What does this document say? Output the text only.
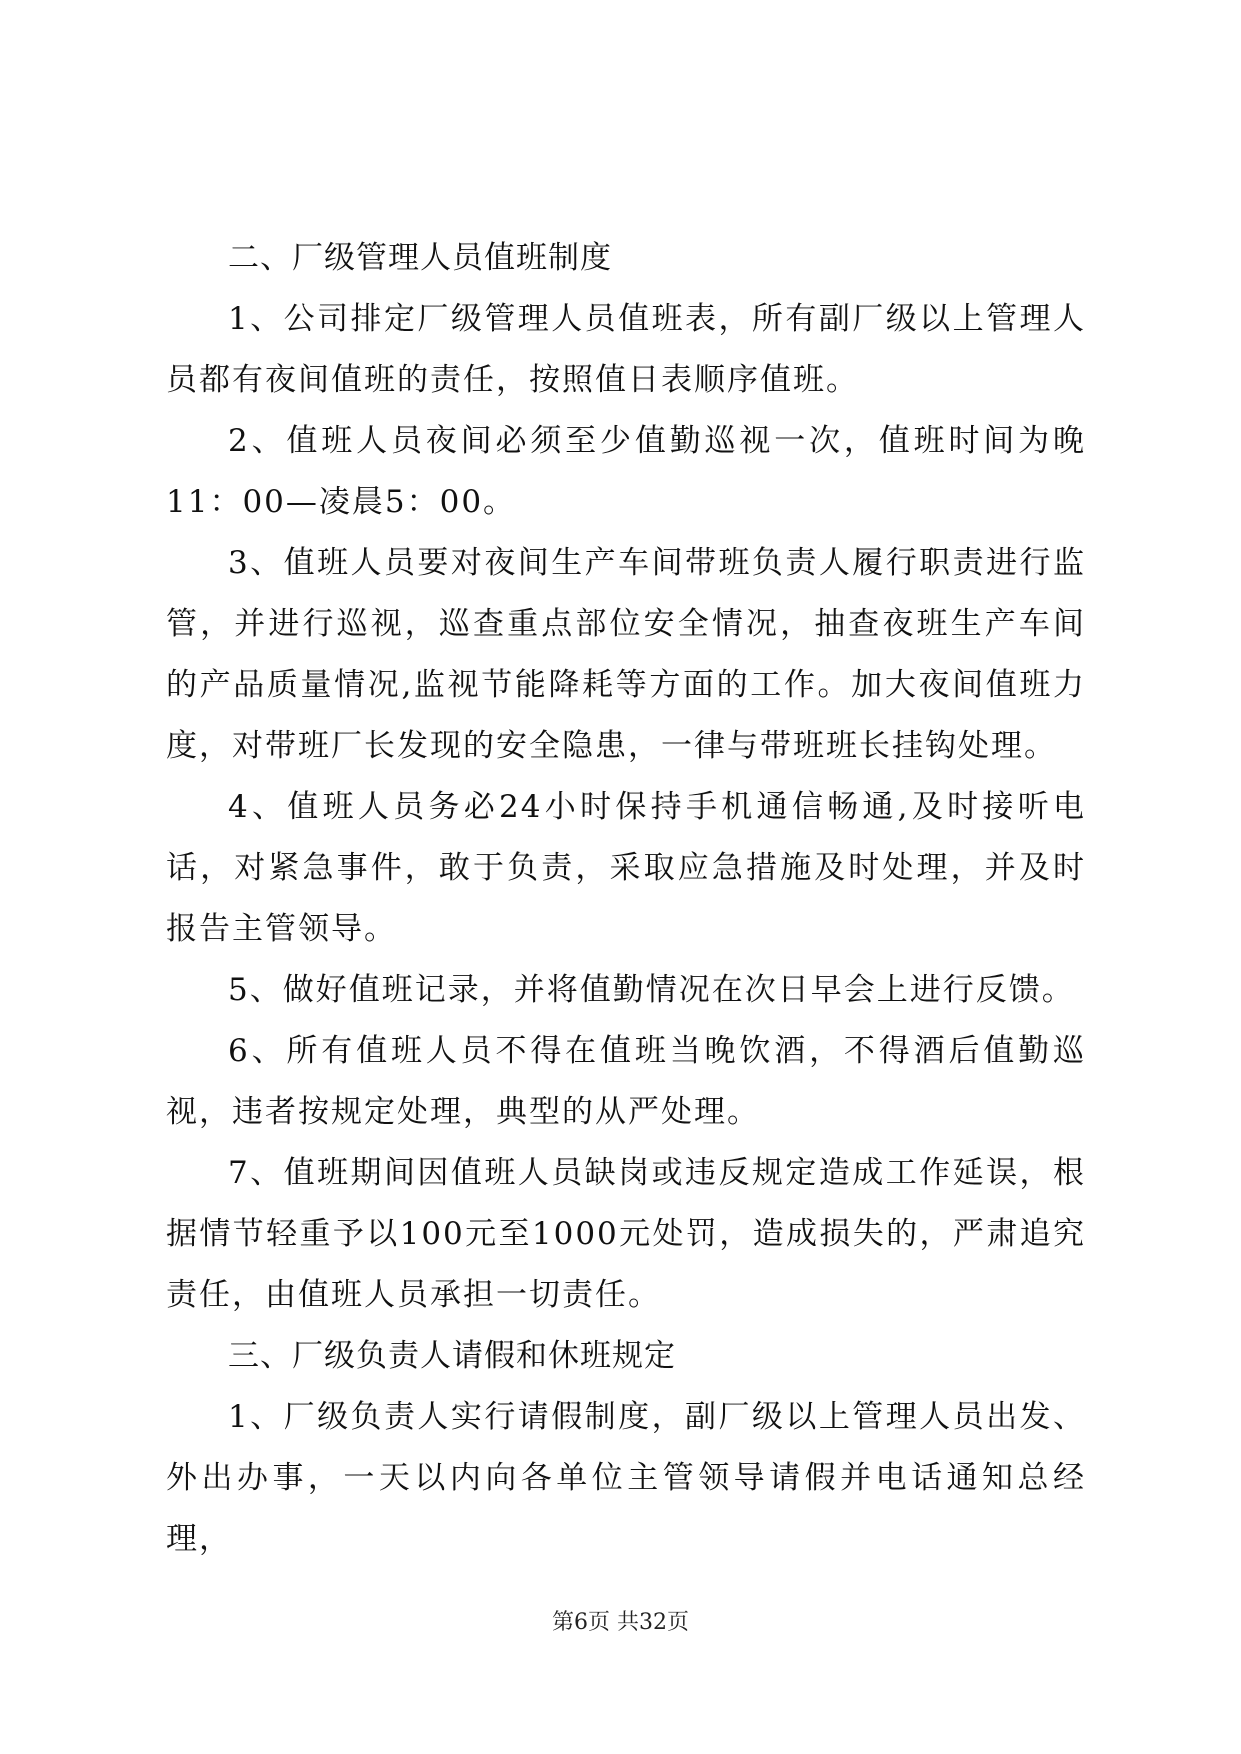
二、厂级管理人员值班制度

1、公司排定厂级管理人员值班表，所有副厂级以上管理人员都有夜间值班的责任，按照值日表顺序值班。

2、值班人员夜间必须至少值勤巡视一次，值班时间为晚11：00—凌晨5：00。

3、值班人员要对夜间生产车间带班负责人履行职责进行监管，并进行巡视，巡查重点部位安全情况，抽查夜班生产车间的产品质量情况,监视节能降耗等方面的工作。加大夜间值班力度，对带班厂长发现的安全隐患，一律与带班班长挂钩处理。

4、值班人员务必24小时保持手机通信畅通,及时接听电话，对紧急事件，敢于负责，采取应急措施及时处理，并及时报告主管领导。

5、做好值班记录，并将值勤情况在次日早会上进行反馈。

6、所有值班人员不得在值班当晚饮酒，不得酒后值勤巡视，违者按规定处理，典型的从严处理。

7、值班期间因值班人员缺岗或违反规定造成工作延误，根据情节轻重予以100元至1000元处罚，造成损失的，严肃追究责任，由值班人员承担一切责任。

三、厂级负责人请假和休班规定

1、厂级负责人实行请假制度，副厂级以上管理人员出发、外出办事，一天以内向各单位主管领导请假并电话通知总经理，

第6页 共32页
